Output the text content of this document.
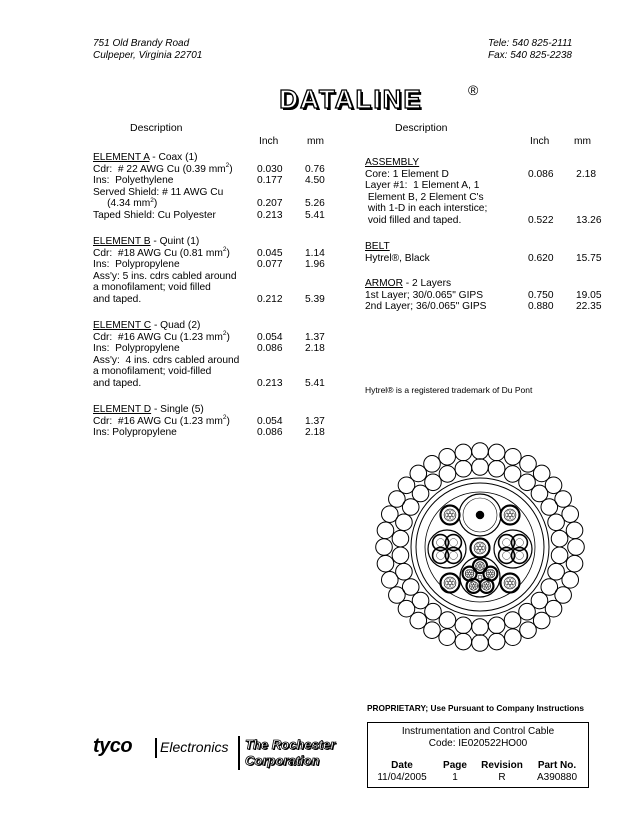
751 Old Brandy Road
Culpeper, Virginia 22701
Tele: 540 825-2111
Fax: 540 825-2238
DATALINE	®
Description
Inch	mm
Description
Inch mm
ELEMENT A - Coax (1)
Cdr:  # 22 AWG Cu (0.39 $mm^2$) 0.030 0.76
Ins:  Polyethylene	0.177 4.50
Served Shield: # 11 AWG Cu
(4.34 $mm^2$)	0.207 5.26
Taped Shield: Cu Polyester	0.213 5.41
ELEMENT B - Quint (1)
Cdr:  #18 AWG Cu (0.81 $mm^2$)	0.045 1.14
Ins:  Polypropylene	0.077 1.96
Ass'y: 5 ins. cdrs cabled around
a monofilament; void filled
and taped.	0.212 5.39
ELEMENT C - Quad (2)
Cdr:  #16 AWG Cu (1.23 $mm^2$)	0.054 1.37
Ins:  Polypropylene	0.086 2.18
Ass'y:  4 ins. cdrs cabled around
a monofilament; void-filled
and taped.	0.213 5.41
ELEMENT D - Single (5)
Cdr:  #16 AWG Cu (1.23 $mm^2$)	0.054 1.37
Ins: Polypropylene	0.086 2.18
ASSEMBLY
Core: 1 Element D	0.086 2.18
Layer #1:  1 Element A, 1
Element B, 2 Element C's
with 1-D in each interstice;
void filled and taped.	0.522 13.26
BELT
Hytrel®, Black	0.620 15.75
ARMOR - 2 Layers
1st Layer; 30/0.065" GIPS	0.750 19.05
2nd Layer; 36/0.065" GIPS	0.880 22.35
Hytrel® is a registered trademark of Du Pont
PROPRIETARY; Use Pursuant to Company Instructions
Instrumentation and Control Cable
Code: IE020522HO00
Date	Page	Revision	Part No.
11/04/2005	1	R	A390880
tyco Electronics The Rochester
Corporation
